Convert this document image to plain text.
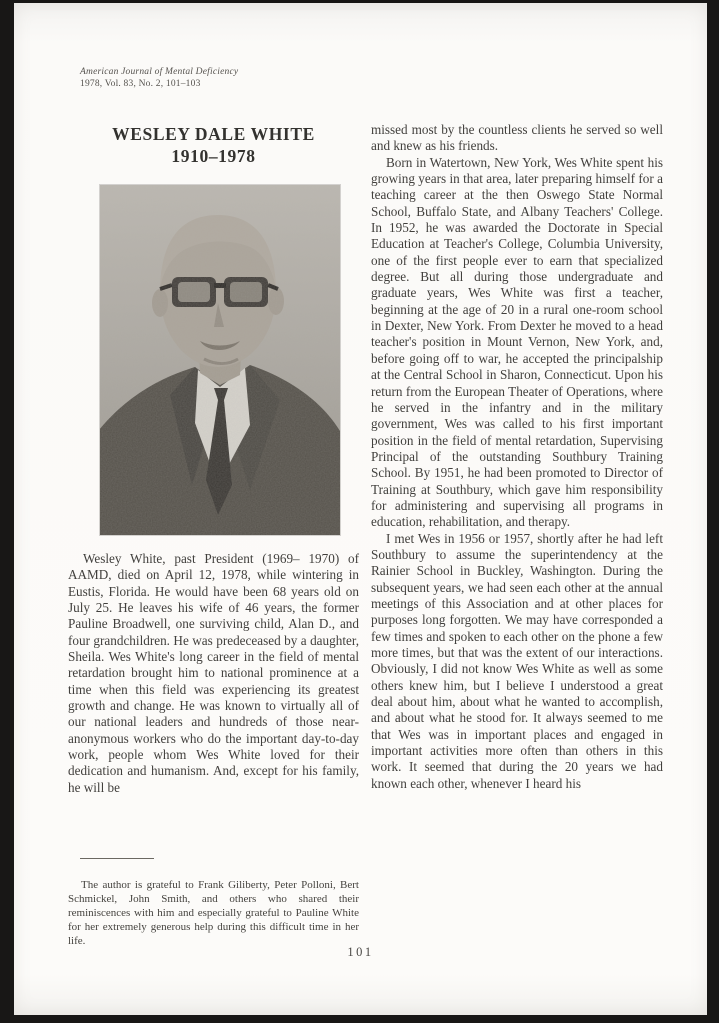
American Journal of Mental Deficiency
1978, Vol. 83, No. 2, 101–103
WESLEY DALE WHITE
1910–1978

Wesley White, past President (1969– 1970) of AAMD, died on April 12, 1978, while wintering in Eustis, Florida. He would have been 68 years old on July 25. He leaves his wife of 46 years, the former Pauline Broadwell, one surviving child, Alan D., and four grandchildren. He was predeceased by a daughter, Sheila. Wes White's long career in the field of mental retardation brought him to national prominence at a time when this field was experiencing its greatest growth and change. He was known to virtually all of our national leaders and hundreds of those near-anonymous workers who do the important day-to-day work, people whom Wes White loved for their dedication and humanism. And, except for his family, he will be

The author is grateful to Frank Giliberty, Peter Polloni, Bert Schmickel, John Smith, and others who shared their reminiscences with him and especially grateful to Pauline White for her extremely generous help during this difficult time in her life.

missed most by the countless clients he served so well and knew as his friends.

Born in Watertown, New York, Wes White spent his growing years in that area, later preparing himself for a teaching career at the then Oswego State Normal School, Buffalo State, and Albany Teachers' College. In 1952, he was awarded the Doctorate in Special Education at Teacher's College, Columbia University, one of the first people ever to earn that specialized degree. But all during those undergraduate and graduate years, Wes White was first a teacher, beginning at the age of 20 in a rural one-room school in Dexter, New York. From Dexter he moved to a head teacher's position in Mount Vernon, New York, and, before going off to war, he accepted the principalship at the Central School in Sharon, Connecticut. Upon his return from the European Theater of Operations, where he served in the infantry and in the military government, Wes was called to his first important position in the field of mental retardation, Supervising Principal of the outstanding Southbury Training School. By 1951, he had been promoted to Director of Training at Southbury, which gave him responsibility for administering and supervising all programs in education, rehabilitation, and therapy.

I met Wes in 1956 or 1957, shortly after he had left Southbury to assume the superintendency at the Rainier School in Buckley, Washington. During the subsequent years, we had seen each other at the annual meetings of this Association and at other places for purposes long forgotten. We may have corresponded a few times and spoken to each other on the phone a few more times, but that was the extent of our interactions. Obviously, I did not know Wes White as well as some others knew him, but I believe I understood a great deal about him, about what he wanted to accomplish, and about what he stood for. It always seemed to me that Wes was in important places and engaged in important activities more often than others in this work. It seemed that during the 20 years we had known each other, whenever I heard his

101
